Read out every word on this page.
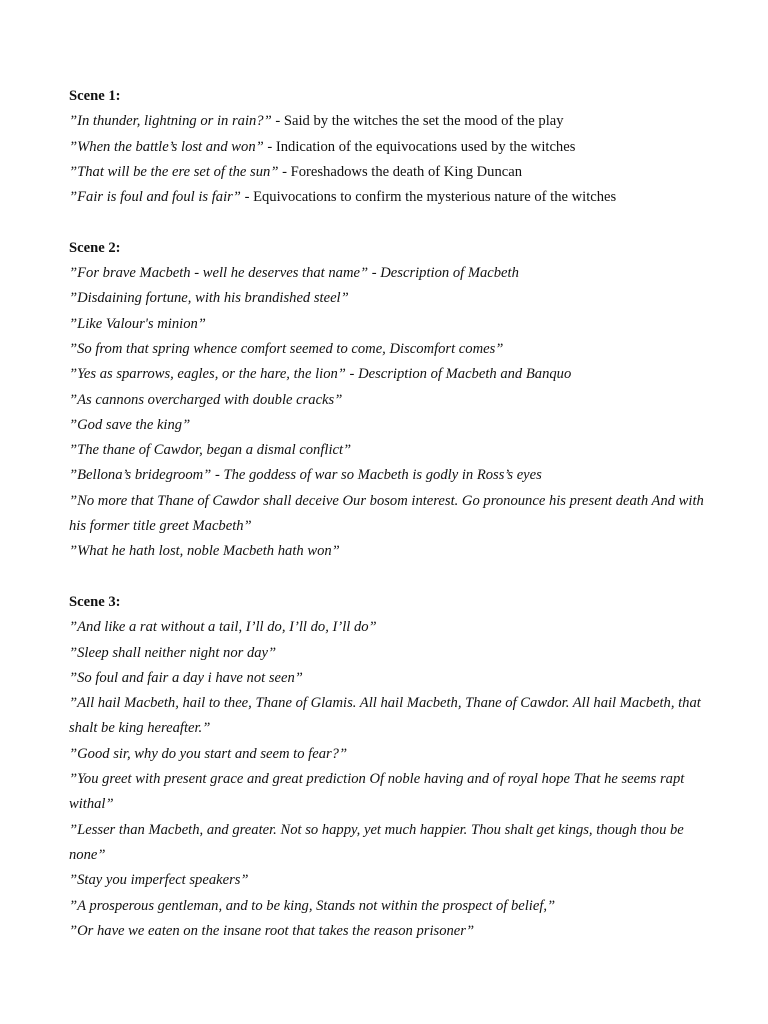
Scene 1:
”In thunder, lightning or in rain?” - Said by the witches the set the mood of the play
”When the battle’s lost and won” - Indication of the equivocations used by the witches
”That will be the ere set of the sun” - Foreshadows the death of King Duncan
”Fair is foul and foul is fair” - Equivocations to confirm the mysterious nature of the witches
Scene 2:
”For brave Macbeth - well he deserves that name” - Description of Macbeth
”Disdaining fortune, with his brandished steel”
”Like Valour's minion”
”So from that spring whence comfort seemed to come, Discomfort comes”
”Yes as sparrows, eagles, or the hare, the lion” - Description of Macbeth and Banquo
”As cannons overcharged with double cracks”
”God save the king”
”The thane of Cawdor, began a dismal conflict”
”Bellona’s bridegroom” - The goddess of war so Macbeth is godly in Ross’s eyes
”No more that Thane of Cawdor shall deceive Our bosom interest. Go pronounce his present death And with his former title greet Macbeth”
”What he hath lost, noble Macbeth hath won”
Scene 3:
”And like a rat without a tail, I’ll do, I’ll do, I’ll do”
”Sleep shall neither night nor day”
”So foul and fair a day i have not seen”
”All hail Macbeth, hail to thee, Thane of Glamis. All hail Macbeth, Thane of Cawdor. All hail Macbeth, that shalt be king hereafter.”
”Good sir, why do you start and seem to fear?”
”You greet with present grace and great prediction Of noble having and of royal hope That he seems rapt withal”
”Lesser than Macbeth, and greater. Not so happy, yet much happier. Thou shalt get kings, though thou be none”
”Stay you imperfect speakers”
”A prosperous gentleman, and to be king, Stands not within the prospect of belief,”
”Or have we eaten on the insane root that takes the reason prisoner”
